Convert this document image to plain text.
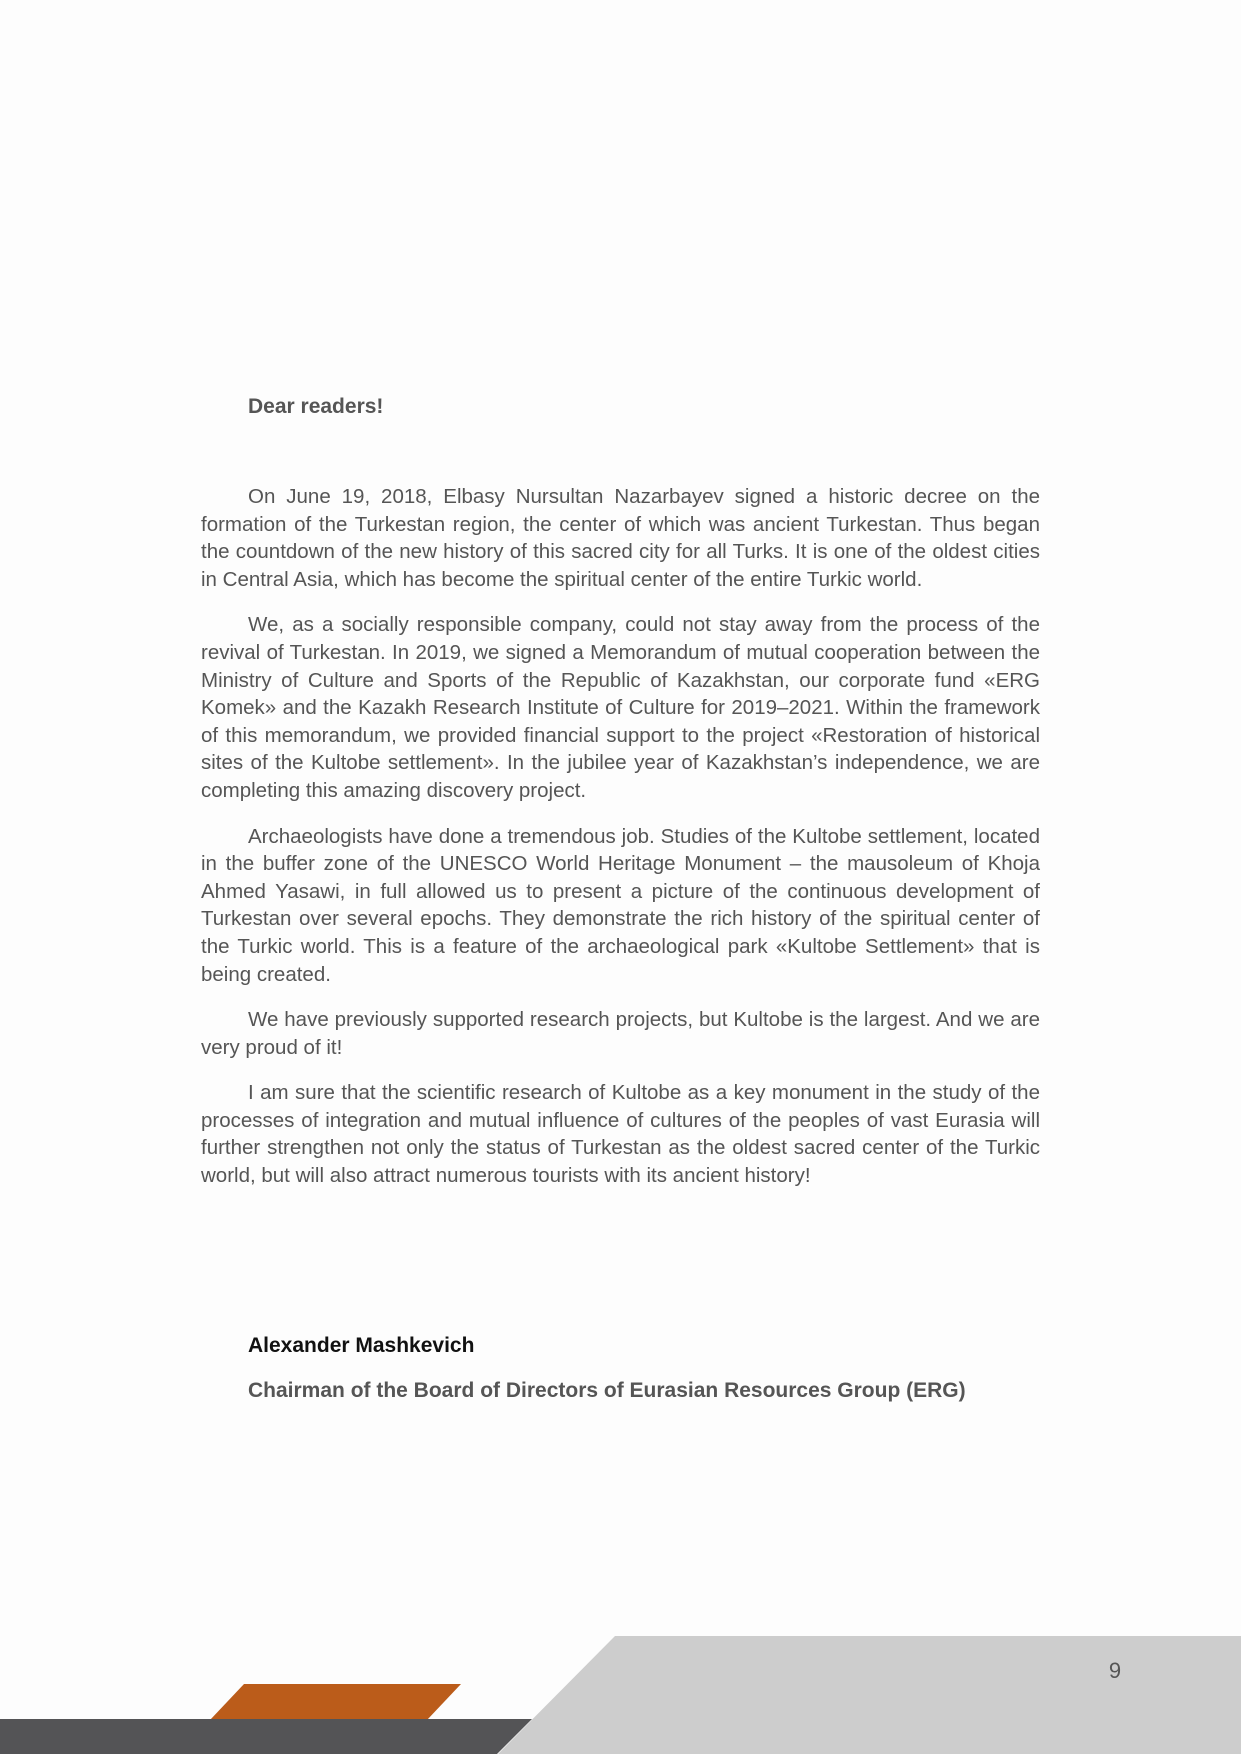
Dear readers!

On June 19, 2018, Elbasy Nursultan Nazarbayev signed a historic decree on the formation of the Turkestan region, the center of which was ancient Turkestan. Thus began the countdown of the new history of this sacred city for all Turks. It is one of the oldest cities in Central Asia, which has become the spiritual center of the entire Turkic world.

We, as a socially responsible company, could not stay away from the process of the revival of Turkestan. In 2019, we signed a Memorandum of mutual cooperation between the Ministry of Culture and Sports of the Republic of Kazakhstan, our corporate fund «ERG Komek» and the Kazakh Research Institute of Culture for 2019–2021. Within the framework of this memorandum, we provided financial support to the project «Restoration of historical sites of the Kultobe settlement». In the jubilee year of Kazakhstan’s independence, we are completing this amazing discovery project.

Archaeologists have done a tremendous job. Studies of the Kultobe settlement, located in the buffer zone of the UNESCO World Heritage Monument – the mausoleum of Khoja Ahmed Yasawi, in full allowed us to present a picture of the continuous development of Turkestan over several epochs. They demonstrate the rich history of the spiritual center of the Turkic world. This is a feature of the archaeological park «Kultobe Settlement» that is being created.

We have previously supported research projects, but Kultobe is the largest. And we are very proud of it!

I am sure that the scientific research of Kultobe as a key monument in the study of the processes of integration and mutual influence of cultures of the peoples of vast Eurasia will further strengthen not only the status of Turkestan as the oldest sacred center of the Turkic world, but will also attract numerous tourists with its ancient history!

Alexander Mashkevich

Chairman of the Board of Directors of Eurasian Resources Group (ERG)

9
